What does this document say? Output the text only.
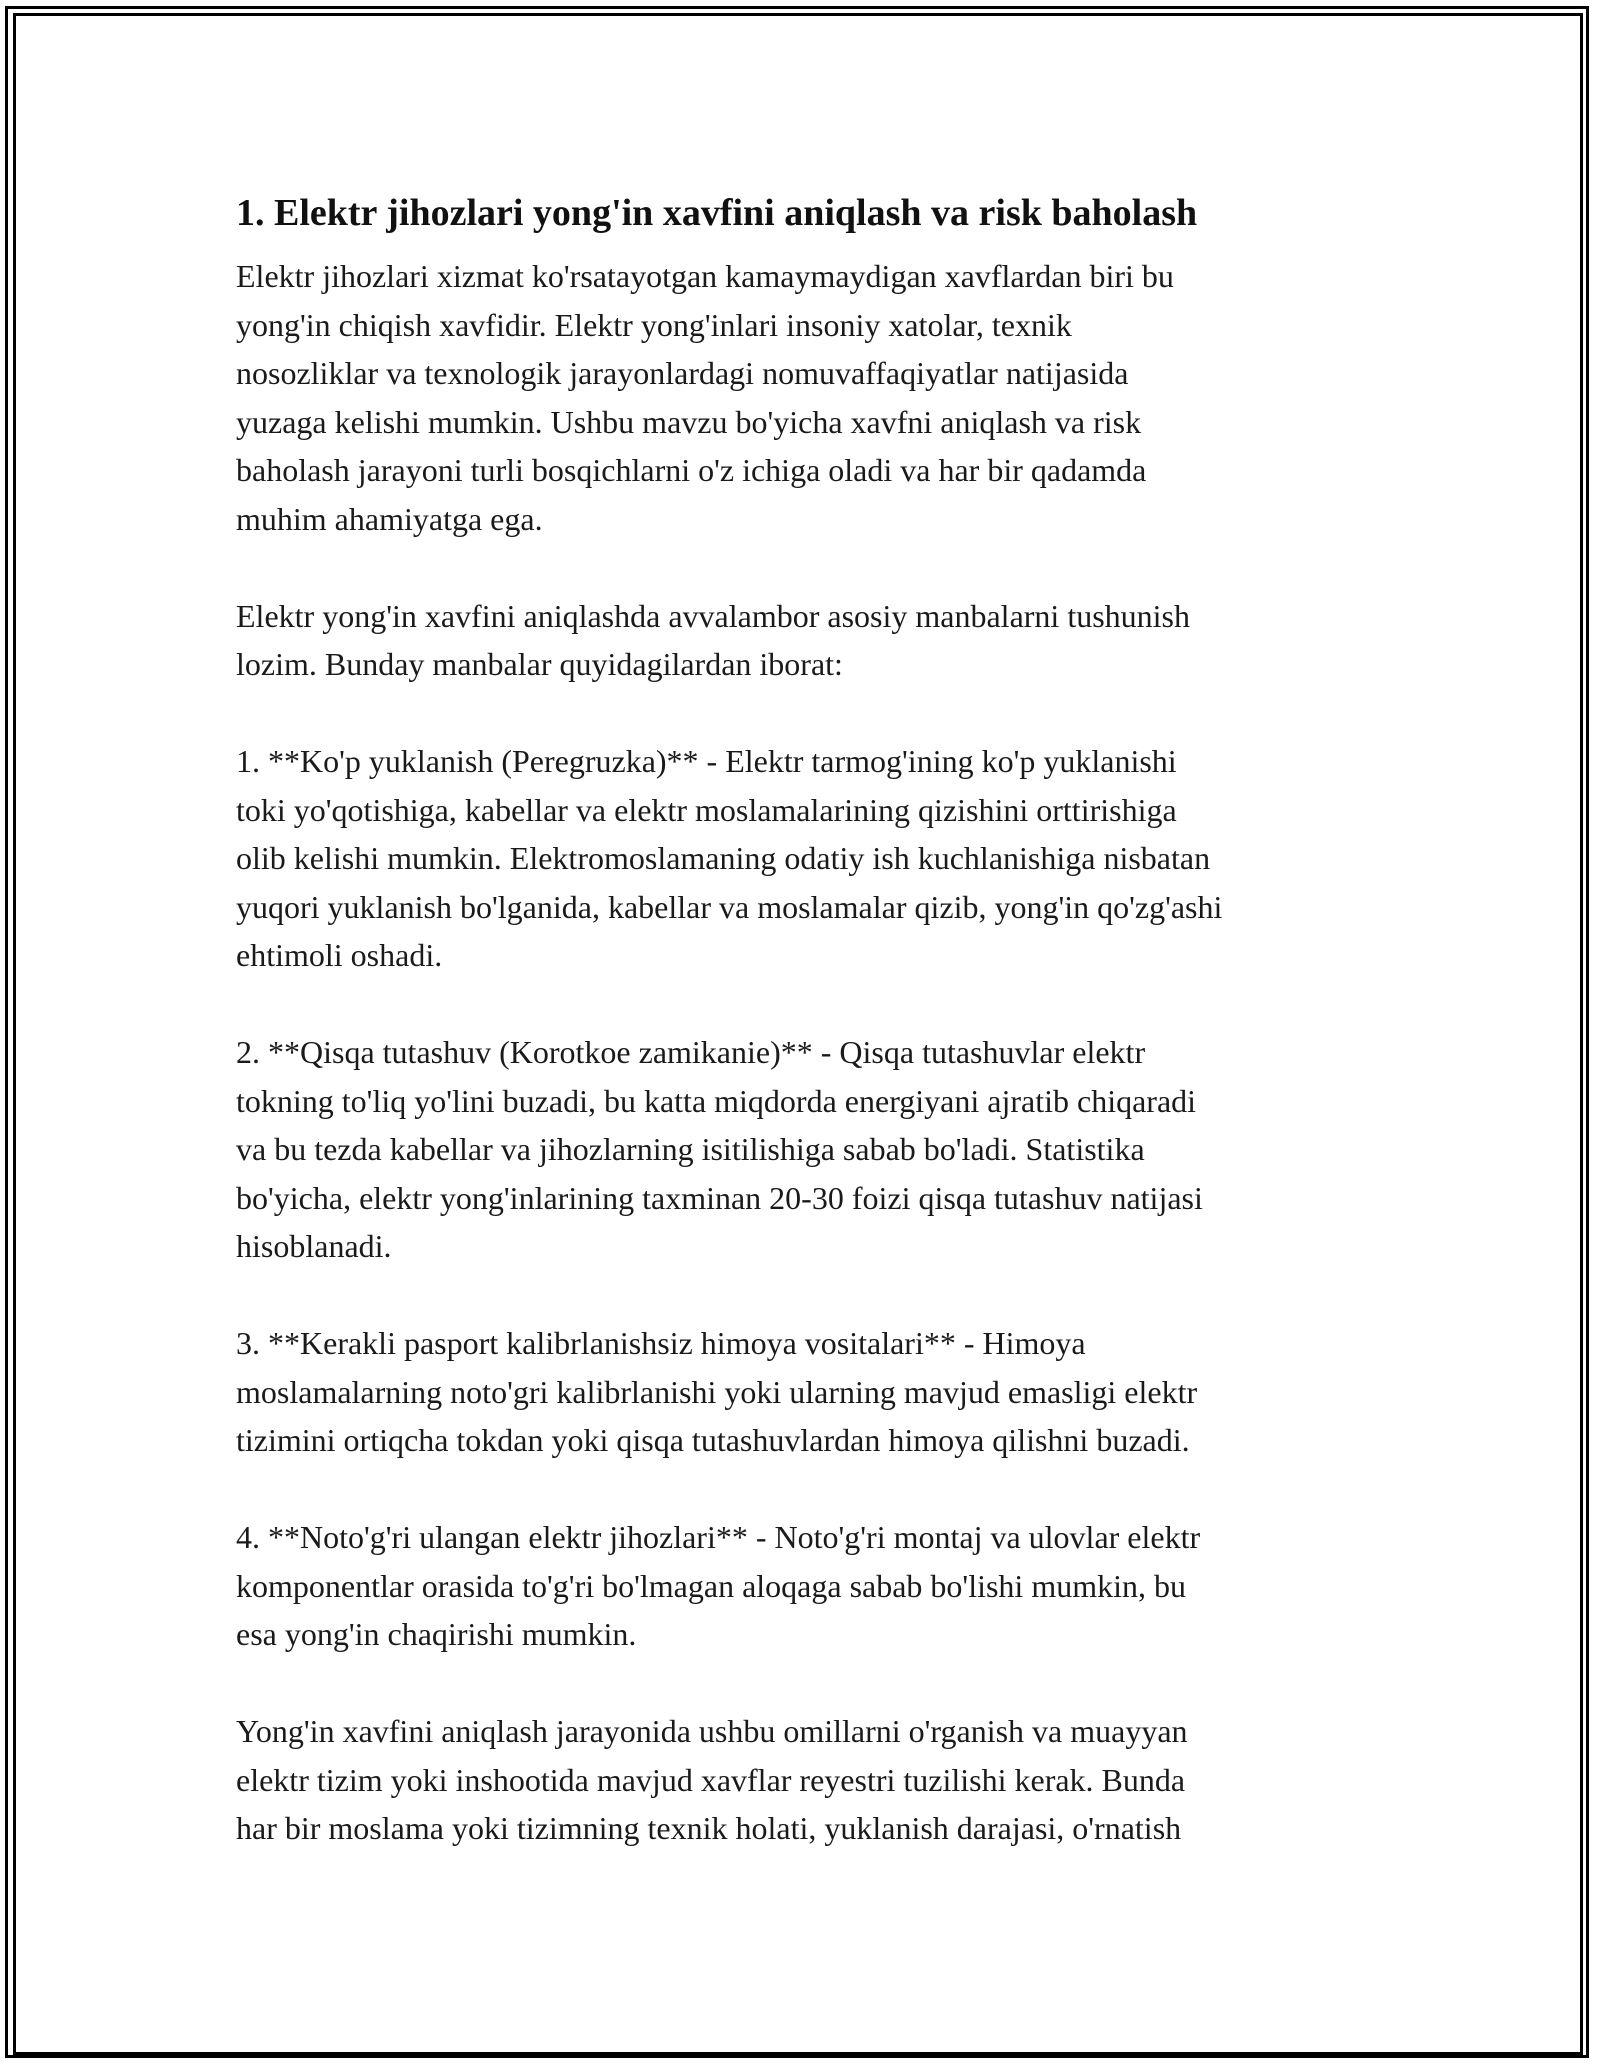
1. Elektr jihozlari yong'in xavfini aniqlash va risk baholash

Elektr jihozlari xizmat ko'rsatayotgan kamaymaydigan xavflardan biri bu
yong'in chiqish xavfidir. Elektr yong'inlari insoniy xatolar, texnik
nosozliklar va texnologik jarayonlardagi nomuvaffaqiyatlar natijasida
yuzaga kelishi mumkin. Ushbu mavzu bo'yicha xavfni aniqlash va risk
baholash jarayoni turli bosqichlarni o'z ichiga oladi va har bir qadamda
muhim ahamiyatga ega.

Elektr yong'in xavfini aniqlashda avvalambor asosiy manbalarni tushunish
lozim. Bunday manbalar quyidagilardan iborat:

1. **Ko'p yuklanish (Peregruzka)** - Elektr tarmog'ining ko'p yuklanishi
toki yo'qotishiga, kabellar va elektr moslamalarining qizishini orttirishiga
olib kelishi mumkin. Elektromoslamaning odatiy ish kuchlanishiga nisbatan
yuqori yuklanish bo'lganida, kabellar va moslamalar qizib, yong'in qo'zg'ashi
ehtimoli oshadi.

2. **Qisqa tutashuv (Korotkoe zamikanie)** - Qisqa tutashuvlar elektr
tokning to'liq yo'lini buzadi, bu katta miqdorda energiyani ajratib chiqaradi
va bu tezda kabellar va jihozlarning isitilishiga sabab bo'ladi. Statistika
bo'yicha, elektr yong'inlarining taxminan 20-30 foizi qisqa tutashuv natijasi
hisoblanadi.

3. **Kerakli pasport kalibrlanishsiz himoya vositalari** - Himoya
moslamalarning noto'gri kalibrlanishi yoki ularning mavjud emasligi elektr
tizimini ortiqcha tokdan yoki qisqa tutashuvlardan himoya qilishni buzadi.

4. **Noto'g'ri ulangan elektr jihozlari** - Noto'g'ri montaj va ulovlar elektr
komponentlar orasida to'g'ri bo'lmagan aloqaga sabab bo'lishi mumkin, bu
esa yong'in chaqirishi mumkin.

Yong'in xavfini aniqlash jarayonida ushbu omillarni o'rganish va muayyan
elektr tizim yoki inshootida mavjud xavflar reyestri tuzilishi kerak. Bunda
har bir moslama yoki tizimning texnik holati, yuklanish darajasi, o'rnatish
